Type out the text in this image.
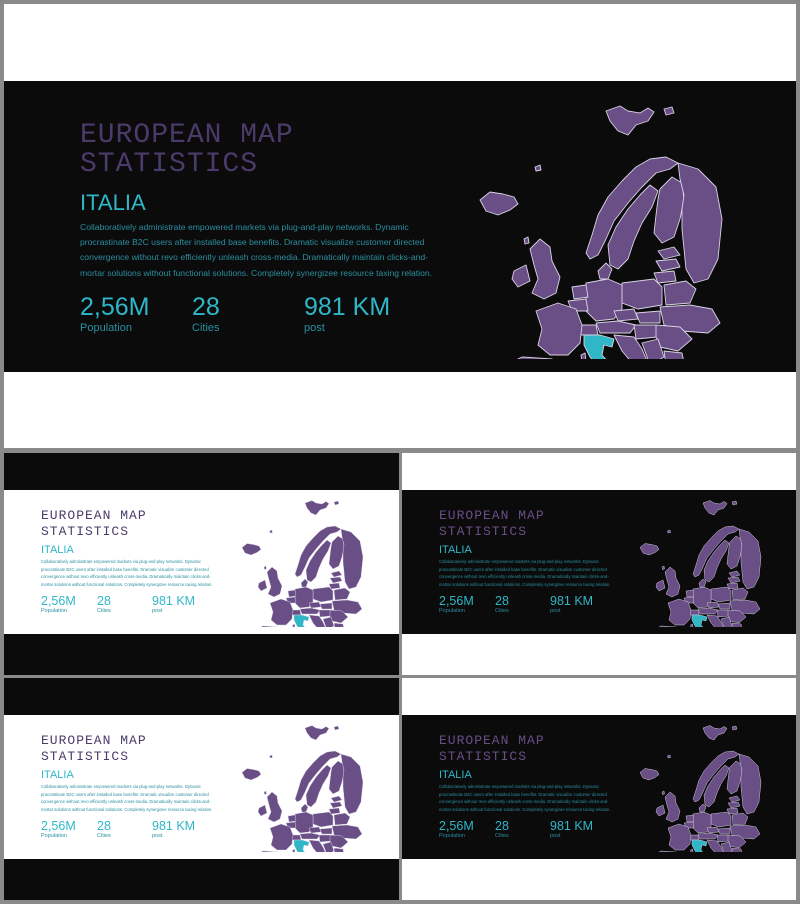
EUROPEAN MAP
STATISTICS
ITALIA

Collaboratively administrate empowered markets via plug-and-play networks. Dynamic procrastinate B2C users after installed base benefits. Dramatic visualize customer directed convergence without revo efficiently unleash cross-media. Dramatically maintain clicks-and-mortar solutions without functional solutions. Completely synergizee resource taxing relation.

2,56M
Population
28
Cities
981 KM
post
EUROPEAN MAP
STATISTICS
ITALIA

Collaboratively administrate empowered markets via plug-and-play networks. Dynamic procrastinate B2C users after installed base benefits. Dramatic visualize customer directed convergence without revo efficiently unleash cross-media. Dramatically maintain clicks-and-mortar solutions without functional solutions. Completely synergizee resource taxing relation.

2,56M
Population
28
Cities
981 KM
post
EUROPEAN MAP
STATISTICS
ITALIA

Collaboratively administrate empowered markets via plug-and-play networks. Dynamic procrastinate B2C users after installed base benefits. Dramatic visualize customer directed convergence without revo efficiently unleash cross-media. Dramatically maintain clicks-and-mortar solutions without functional solutions. Completely synergizee resource taxing relation.

2,56M
Population
28
Cities
981 KM
post
EUROPEAN MAP
STATISTICS
ITALIA

Collaboratively administrate empowered markets via plug-and-play networks. Dynamic procrastinate B2C users after installed base benefits. Dramatic visualize customer directed convergence without revo efficiently unleash cross-media. Dramatically maintain clicks-and-mortar solutions without functional solutions. Completely synergizee resource taxing relation.

2,56M
Population
28
Cities
981 KM
post
EUROPEAN MAP
STATISTICS
ITALIA

Collaboratively administrate empowered markets via plug-and-play networks. Dynamic procrastinate B2C users after installed base benefits. Dramatic visualize customer directed convergence without revo efficiently unleash cross-media. Dramatically maintain clicks-and-mortar solutions without functional solutions. Completely synergizee resource taxing relation.

2,56M
Population
28
Cities
981 KM
post
